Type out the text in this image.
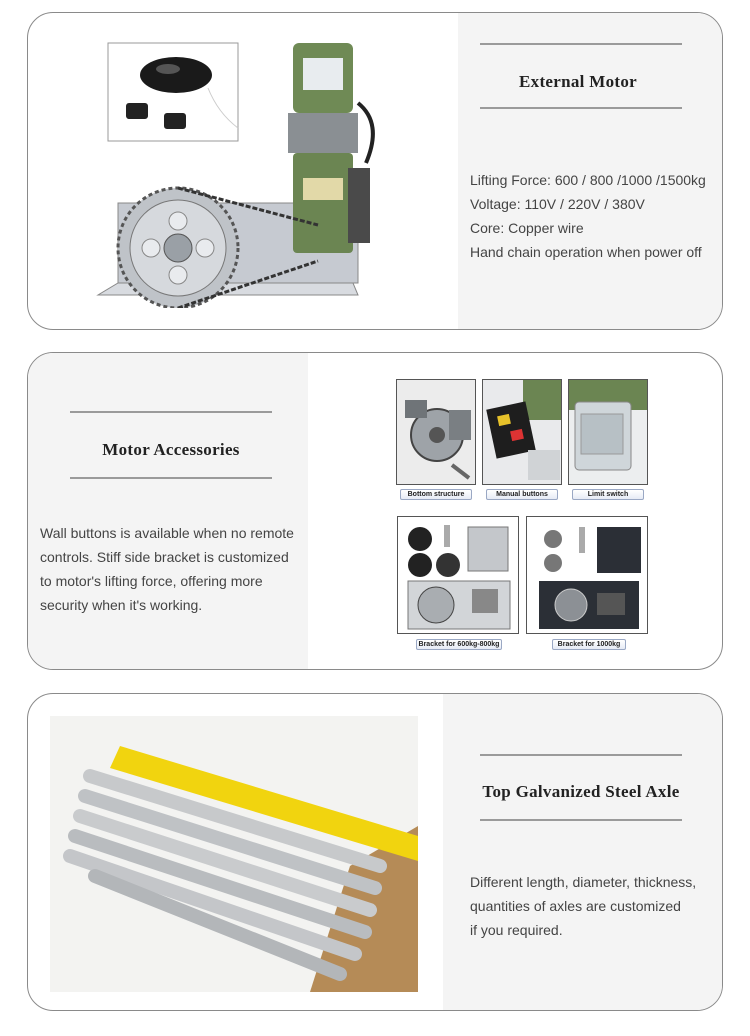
External Motor

Lifting Force: 600 / 800 /1000 /1500kg

Voltage: 110V / 220V / 380V

Core: Copper wire

Hand chain operation when power off

Motor Accessories

Wall buttons is available when no remote

controls. Stiff side bracket is customized

to motor's lifting force, offering more

security when it's working.

Bottom structure	Manual buttons	Limit switch
Bracket for 600kg-800kg	Bracket for 1000kg
Top Galvanized Steel Axle

Different length, diameter, thickness,

quantities of axles are customized

if you required.
